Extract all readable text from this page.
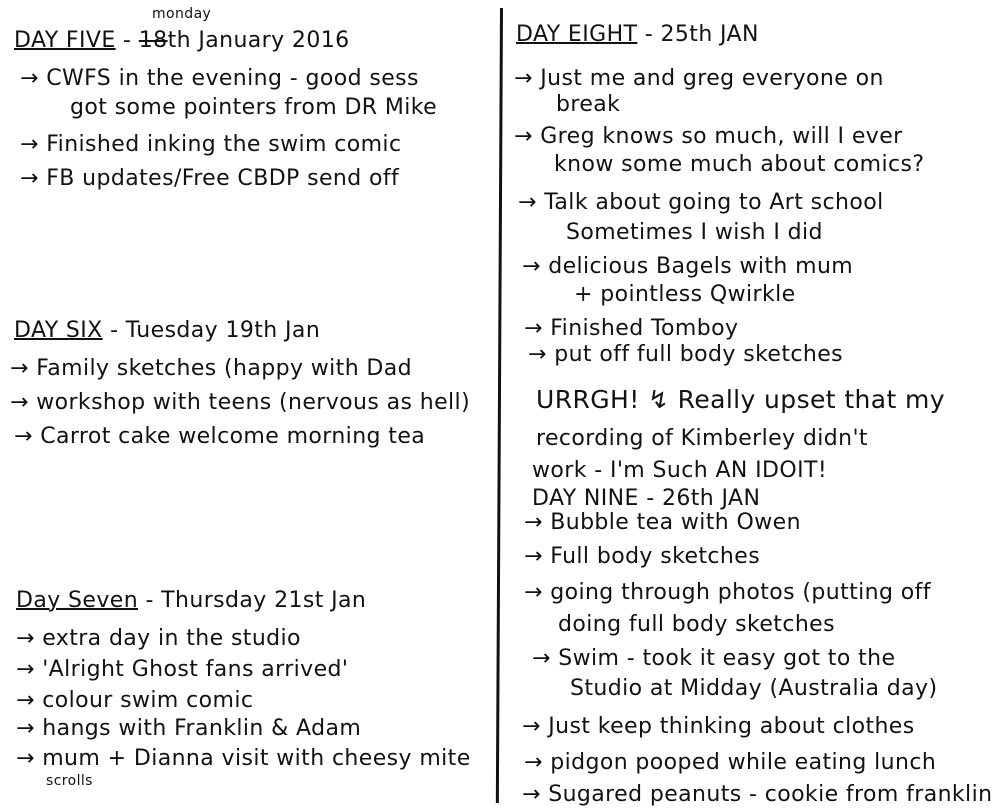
monday
DAY FIVE - 18th January 2016
→ CWFS in the evening - good sess
got some pointers from DR Mike
→ Finished inking the swim comic
→ FB updates/Free CBDP send off
DAY SIX - Tuesday 19th Jan
→ Family sketches (happy with Dad
→ workshop with teens (nervous as hell)
→ Carrot cake welcome morning tea
Day Seven - Thursday 21st Jan
→ extra day in the studio
→ 'Alright Ghost fans arrived'
→ colour swim comic
→ hangs with Franklin & Adam
→ mum + Dianna visit with cheesy mite
scrolls
DAY EIGHT - 25th JAN
→ Just me and greg everyone on
break
→ Greg knows so much, will I ever
know some much about comics?
→ Talk about going to Art school
Sometimes I wish I did
→ delicious Bagels with mum
+ pointless Qwirkle
→ Finished Tomboy
→ put off full body sketches
URRGH! ↯ Really upset that my
recording of Kimberley didn't
work - I'm Such AN IDOIT!
DAY NINE - 26th JAN
→ Bubble tea with Owen
→ Full body sketches
→ going through photos (putting off
doing full body sketches
→ Swim - took it easy got to the
Studio at Midday (Australia day)
→ Just keep thinking about clothes
→ pidgon pooped while eating lunch
→ Sugared peanuts - cookie from franklin
